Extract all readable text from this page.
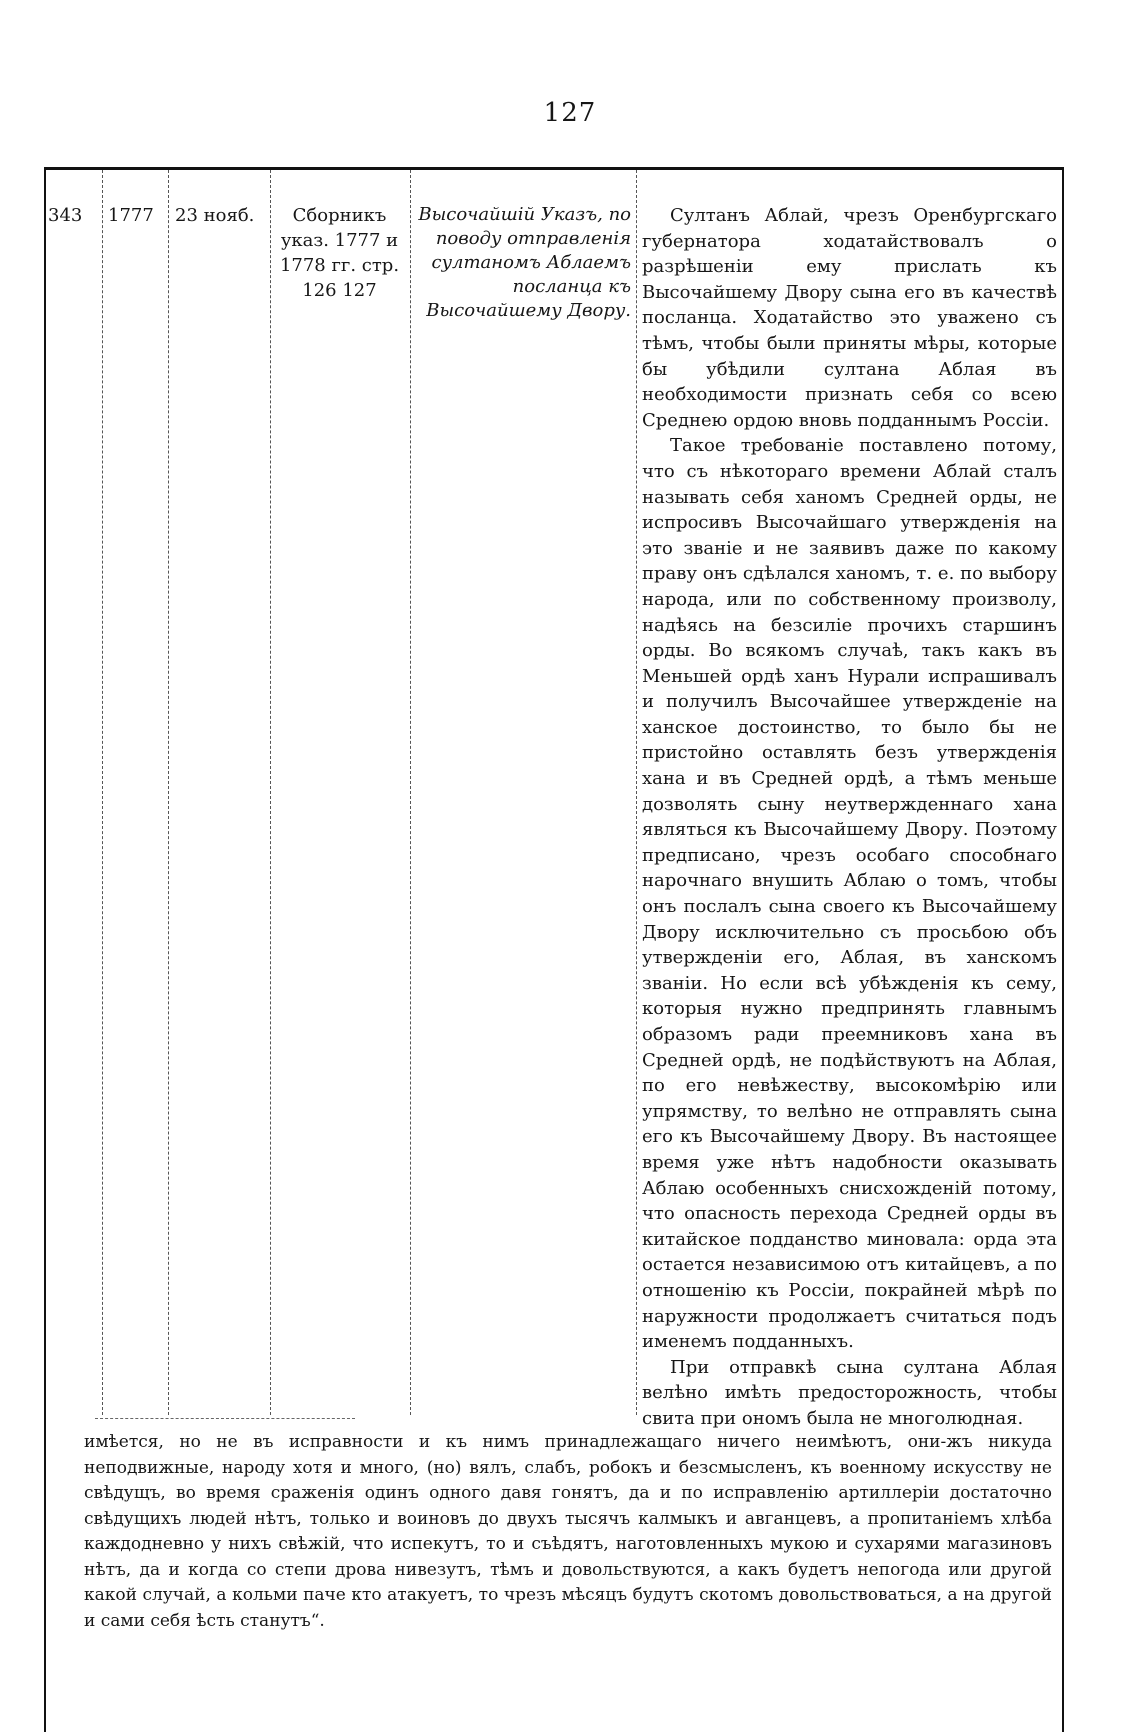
127
343 1777 23 нояб.	Сборникъ указ. 1777 и 1778 гг. стр. 126 127
Высочайшій Указъ, по поводу отправленія султаномъ Аблаемъ посланца къ Высочайшему Двору.

Султанъ Аблай, чрезъ Оренбургскаго губернатора ходатайствовалъ о разрѣшеніи ему прислать къ Высочайшему Двору сына его въ качествѣ посланца. Ходатайство это уважено съ тѣмъ, чтобы были приняты мѣры, которые бы убѣдили султана Аблая въ необходимости признать себя со всею Среднею ордою вновь подданнымъ Россіи.

Такое требованіе поставлено потому, что съ нѣкотораго времени Аблай сталъ называть себя ханомъ Средней орды, не испросивъ Высочайшаго утвержденія на это званіе и не заявивъ даже по какому праву онъ сдѣлался ханомъ, т. е. по выбору народа, или по собственному произволу, надѣясь на безсиліе прочихъ старшинъ орды. Во всякомъ случаѣ, такъ какъ въ Меньшей ордѣ ханъ Нурали испрашивалъ и получилъ Высочайшее утвержденіе на ханское достоинство, то было бы не пристойно оставлять безъ утвержденія хана и въ Средней ордѣ, а тѣмъ меньше дозволять сыну неутвержденнаго хана являться къ Высочайшему Двору. Поэтому предписано, чрезъ особаго способнаго нарочнаго внушить Аблаю о томъ, чтобы онъ послалъ сына своего къ Высочайшему Двору исключительно съ просьбою объ утвержденіи его, Аблая, въ ханскомъ званіи. Но если всѣ убѣжденія къ сему, которыя нужно предпринять главнымъ образомъ ради преемниковъ хана въ Средней ордѣ, не подѣйствуютъ на Аблая, по его невѣжеству, высокомѣрію или упрямству, то велѣно не отправлять сына его къ Высочайшему Двору. Въ настоящее время уже нѣтъ надобности оказывать Аблаю особенныхъ снисхожденій потому, что опасность перехода Средней орды въ китайское подданство миновала: орда эта остается независимою отъ китайцевъ, а по отношенію къ Россіи, покрайней мѣрѣ по наружности продолжаетъ считаться подъ именемъ подданныхъ.

При отправкѣ сына султана Аблая велѣно имѣть предосторожность, чтобы свита при ономъ была не многолюдная.

имѣется, но не въ исправности и къ нимъ принадлежащаго ничего неимѣютъ, они-жъ никуда неподвижные, народу хотя и много, (но) вялъ, слабъ, робокъ и безсмысленъ, къ военному искусству не свѣдущъ, во время сраженія одинъ одного давя гонятъ, да и по исправленію артиллеріи достаточно свѣдущихъ людей нѣтъ, только и воиновъ до двухъ тысячъ калмыкъ и авганцевъ, а пропитаніемъ хлѣба каждодневно у нихъ свѣжій, что испекутъ, то и съѣдятъ, наготовленныхъ мукою и сухарями магазиновъ нѣтъ, да и когда со степи дрова нивезутъ, тѣмъ и довольствуются, а какъ будетъ непогода или другой какой случай, а кольми паче кто атакуетъ, то чрезъ мѣсяцъ будутъ скотомъ довольствоваться, а на другой и сами себя ѣсть станутъ“.
